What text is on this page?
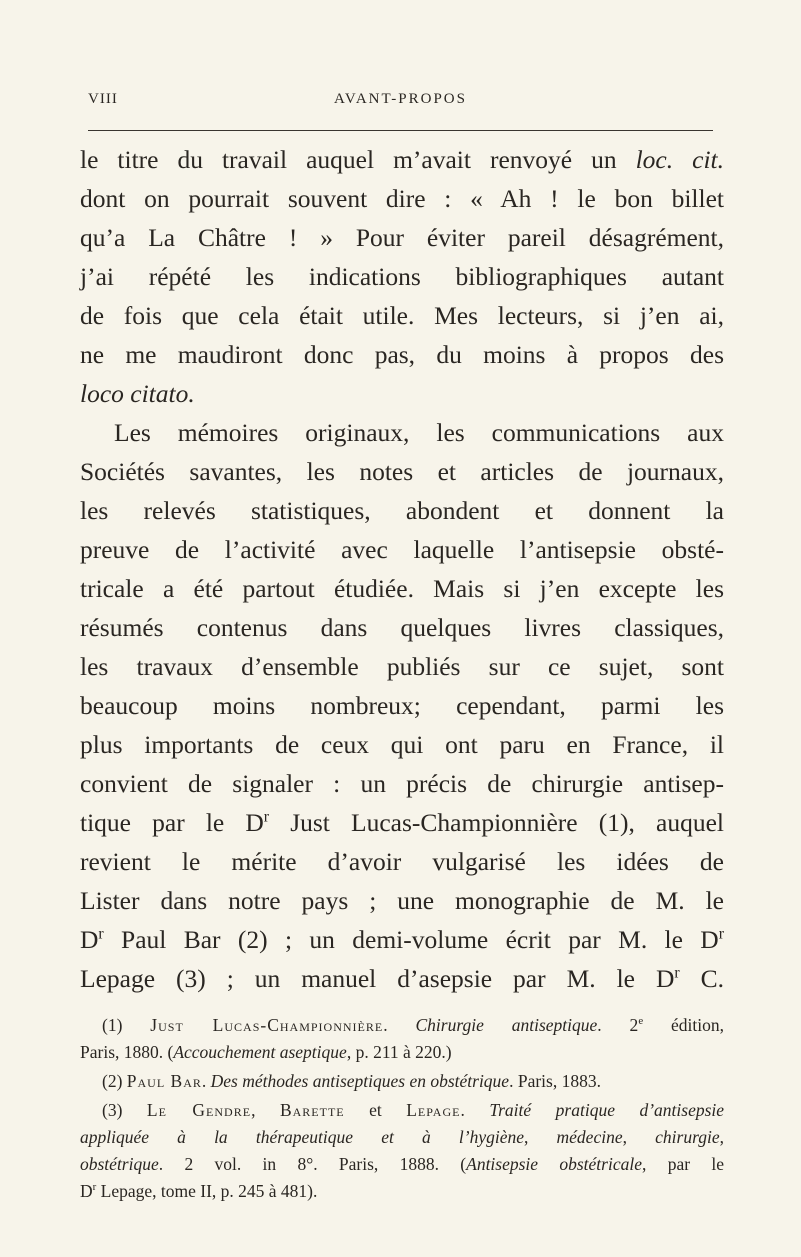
VIII	AVANT-PROPOS

le titre du travail auquel m’avait renvoyé un loc. cit.
dont on pourrait souvent dire : « Ah ! le bon billet
qu’a La Châtre ! » Pour éviter pareil désagrément,
j’ai répété les indications bibliographiques autant
de fois que cela était utile. Mes lecteurs, si j’en ai,
ne me maudiront donc pas, du moins à propos des
loco citato.

Les mémoires originaux, les communications aux
Sociétés savantes, les notes et articles de journaux,
les relevés statistiques, abondent et donnent la
preuve de l’activité avec laquelle l’antisepsie obsté-
tricale a été partout étudiée. Mais si j’en excepte les
résumés contenus dans quelques livres classiques,
les travaux d’ensemble publiés sur ce sujet, sont
beaucoup moins nombreux; cependant, parmi les
plus importants de ceux qui ont paru en France, il
convient de signaler : un précis de chirurgie antisep-
tique par le $D^r$ Just Lucas-Championnière (1), auquel
revient le mérite d’avoir vulgarisé les idées de
Lister dans notre pays ; une monographie de M. le
$D^r$ Paul Bar (2) ; un demi-volume écrit par M. le $D^r$
Lepage (3) ; un manuel d’asepsie par M. le $D^r$ C.

(1) Just Lucas-Championnière. Chirurgie antiseptique. 2e édition,
Paris, 1880. (Accouchement aseptique, p. 211 à 220.)

(2) Paul Bar. Des méthodes antiseptiques en obstétrique. Paris, 1883.

(3) Le Gendre, Barette et Lepage. Traité pratique d’antisepsie
appliquée à la thérapeutique et à l’hygiène, médecine, chirurgie,
obstétrique. 2 vol. in 8°. Paris, 1888. (Antisepsie obstétricale, par le
$D^r$ Lepage, tome II, p. 245 à 481).
